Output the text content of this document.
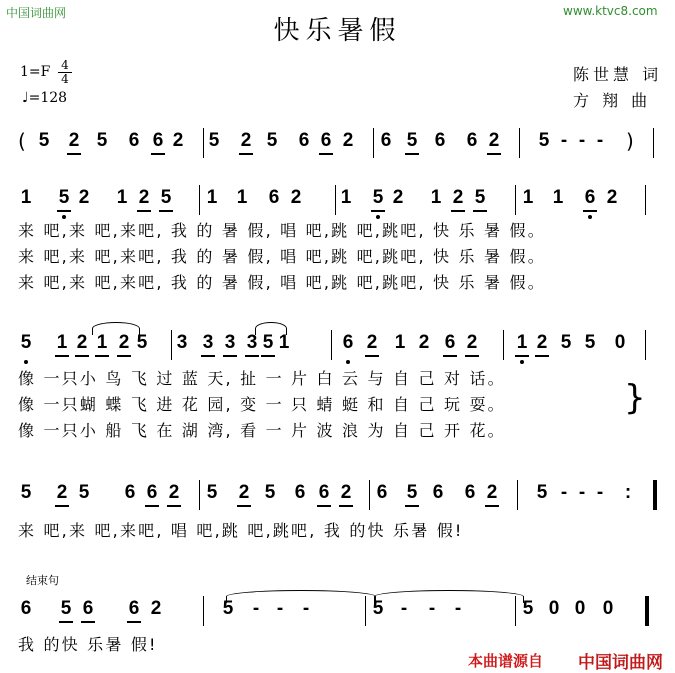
中国词曲网	www.ktvc8.com
快乐暑假
1=F 4
4
♩=128
陈世慧 词
方 翔 曲
( 5 2 5 6 6 2 5 2 5 6 6 2 6 5 6 6 2 5 - - - )
1 5 2 1 2 5 1 1 6 2 1 5 2 1 2 5 1 1 6 2
5 1 2 1 2 5 3 3 3 3 5 1	6 2 1 2 6 2 1 2 5 5 0
5 2 5 6 6 2 5 2 5 6 6 2 6 5 6 6 2 5 - - - :
6 5 6 6 2	5 - - -	5 - - -	5 0 0 0
来 吧,来 吧,来吧, 我 的 暑 假, 唱 吧,跳 吧,跳吧, 快 乐 暑 假。
来 吧,来 吧,来吧, 我 的 暑 假, 唱 吧,跳 吧,跳吧, 快 乐 暑 假。
来 吧,来 吧,来吧, 我 的 暑 假, 唱 吧,跳 吧,跳吧, 快 乐 暑 假。
像 一只小 鸟 飞 过 蓝 天, 扯 一 片 白 云 与 自 己 对 话。
像 一只蝴 蝶 飞 进 花 园, 变 一 只 蜻 蜓 和 自 己 玩 耍。
像 一只小 船 飞 在 湖 湾, 看 一 片 波 浪 为 自 己 开 花。
}
来 吧,来 吧,来吧, 唱 吧,跳 吧,跳吧, 我 的快 乐暑 假!
结束句
我 的快 乐暑 假!
本曲谱源自 中国词曲网
